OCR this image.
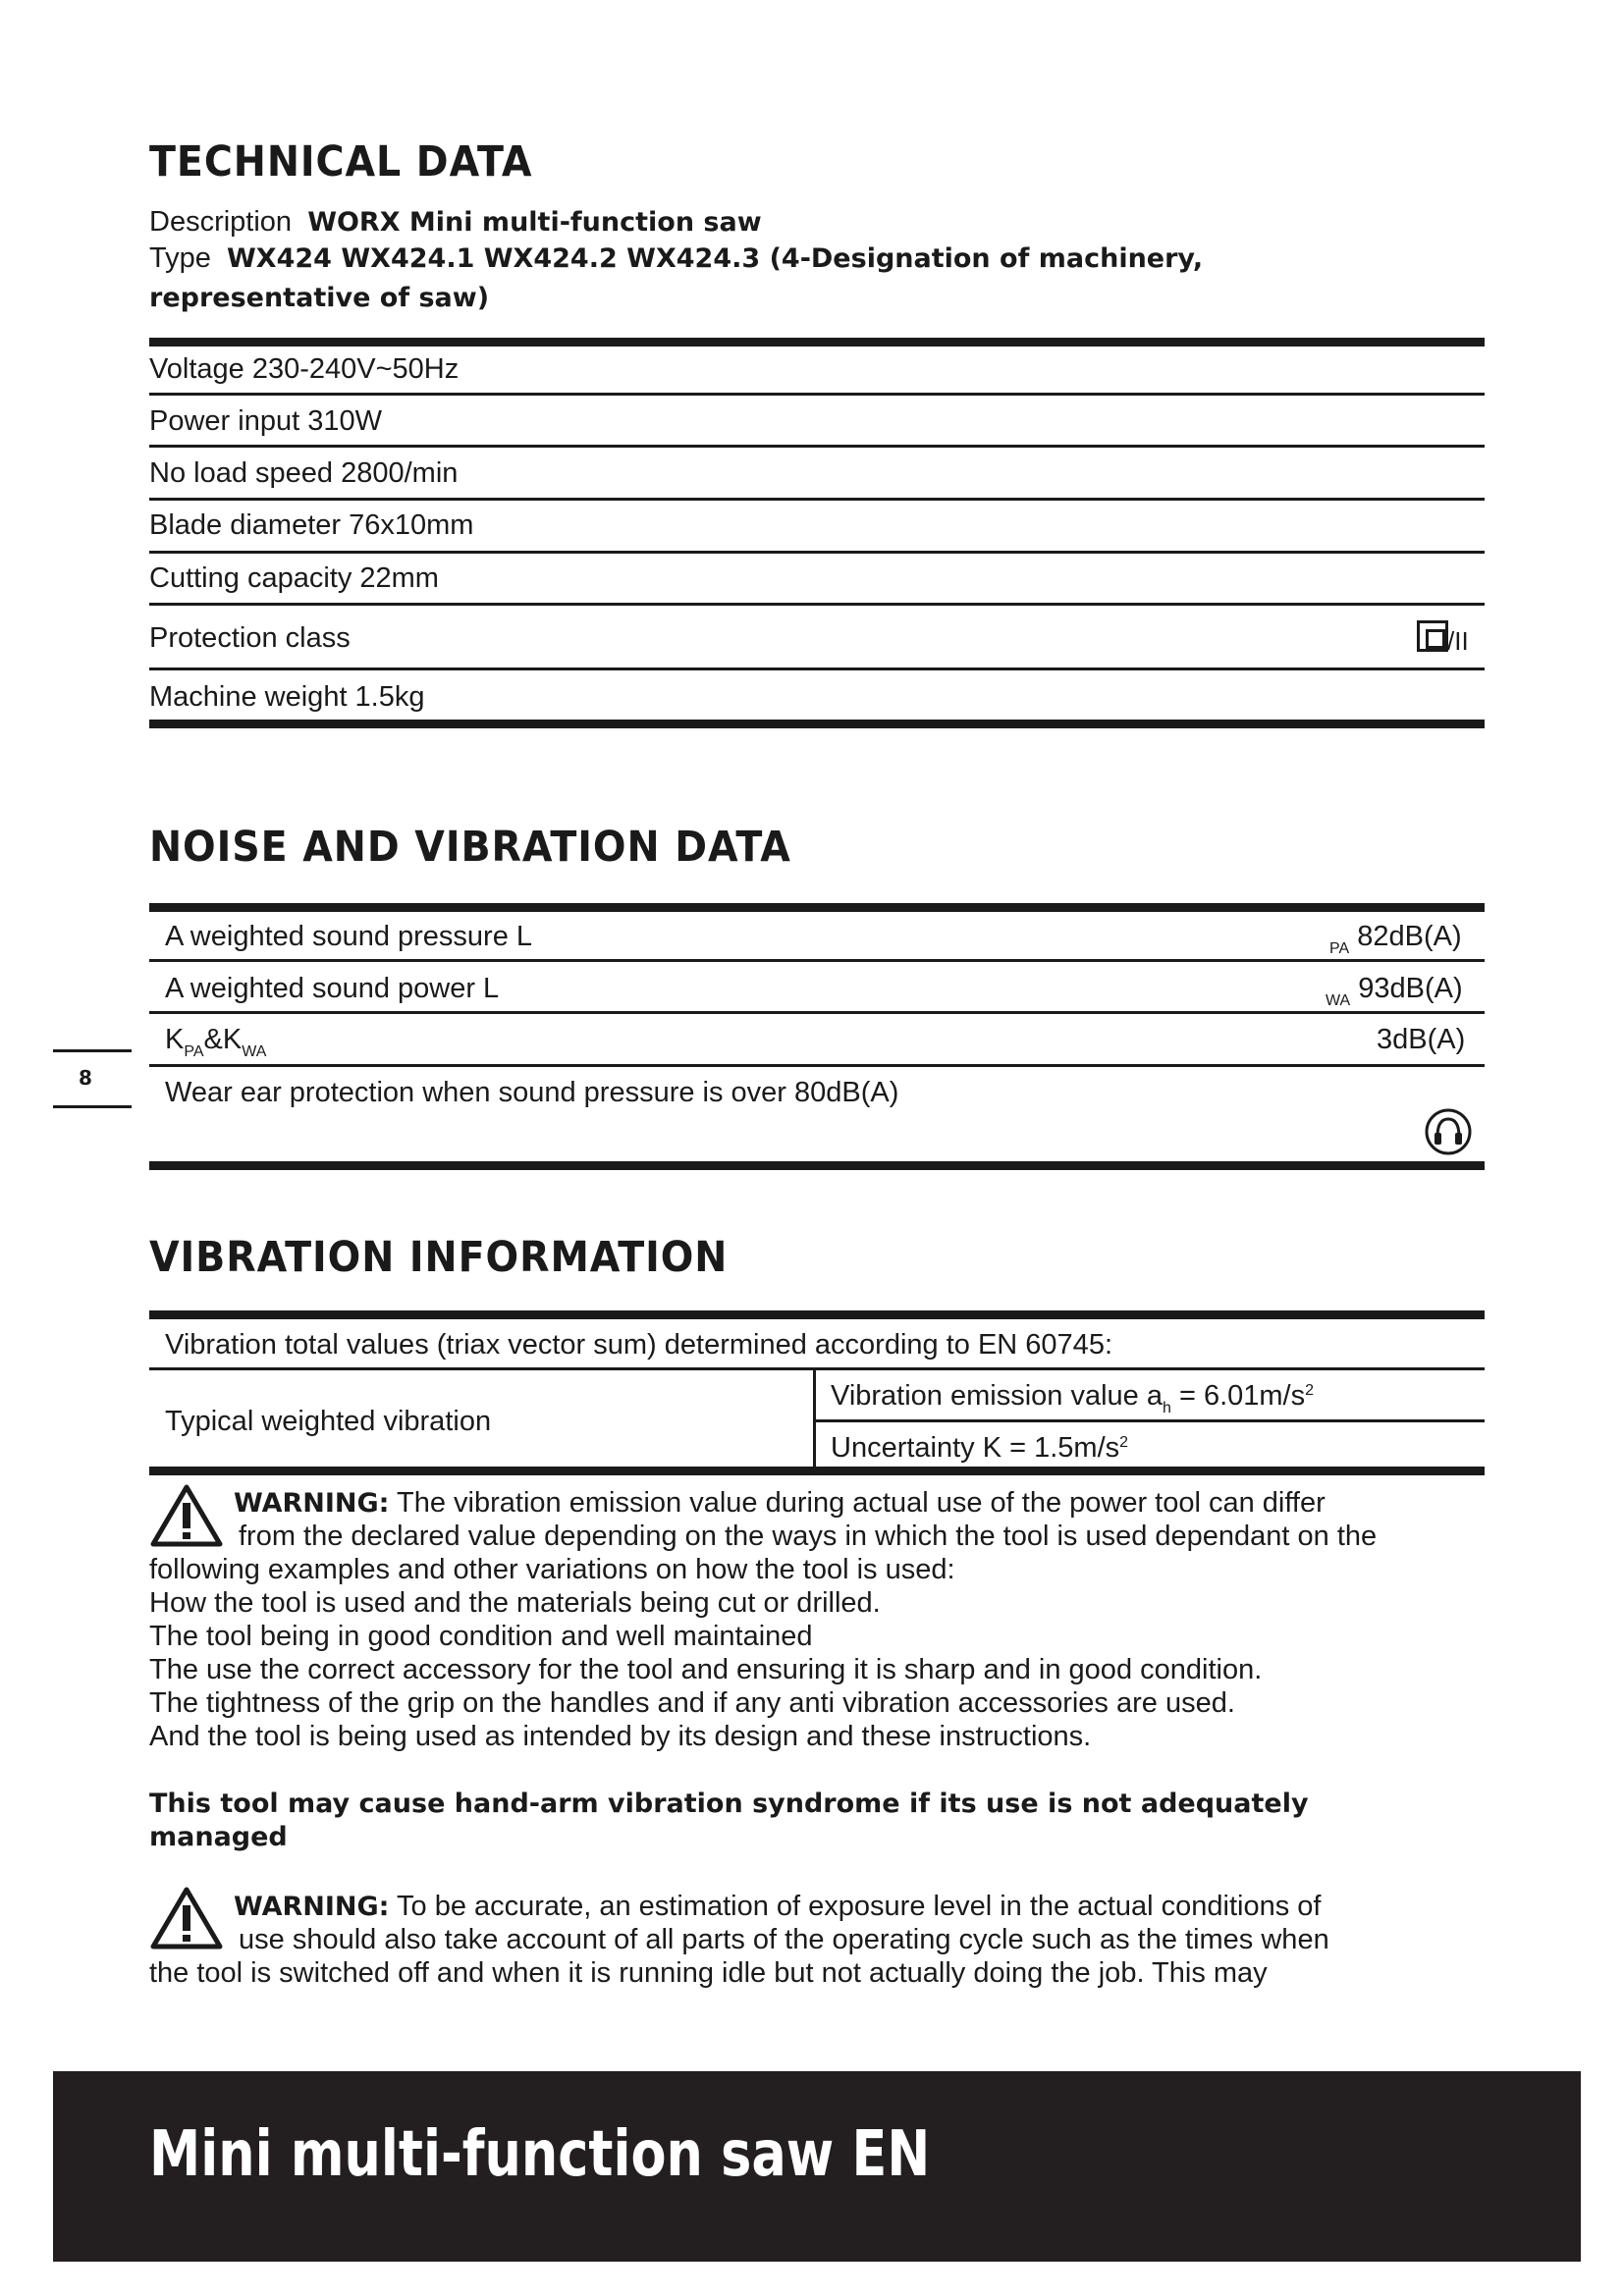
TECHNICAL DATA
Description WORX Mini multi-function saw
Type WX424 WX424.1 WX424.2 WX424.3 (4-Designation of machinery,
representative of saw)
Voltage 230-240V~50Hz
Power input 310W
No load speed 2800/min
Blade diameter 76x10mm
Cutting capacity 22mm
Protection class	/II
Machine weight 1.5kg
NOISE AND VIBRATION DATA
A weighted sound pressure L	$_{PA}$ 82dB(A)
A weighted sound power L	$_{WA}$ 93dB(A)
$K_{PA}\&K_{WA}$	3dB(A)
Wear ear protection when sound pressure is over 80dB(A)
8
VIBRATION INFORMATION
Vibration total values (triax vector sum) determined according to EN 60745:
Typical weighted vibration
Vibration emission value $a_h = 6.01m/s^2$
Uncertainty $K = 1.5m/s^2$
WARNING: The vibration emission value during actual use of the power tool can differ
from the declared value depending on the ways in which the tool is used dependant on the
following examples and other variations on how the tool is used:
How the tool is used and the materials being cut or drilled.
The tool being in good condition and well maintained
The use the correct accessory for the tool and ensuring it is sharp and in good condition.
The tightness of the grip on the handles and if any anti vibration accessories are used.
And the tool is being used as intended by its design and these instructions.
This tool may cause hand-arm vibration syndrome if its use is not adequately
managed
WARNING: To be accurate, an estimation of exposure level in the actual conditions of
use should also take account of all parts of the operating cycle such as the times when
the tool is switched off and when it is running idle but not actually doing the job. This may
Mini multi-function saw EN
